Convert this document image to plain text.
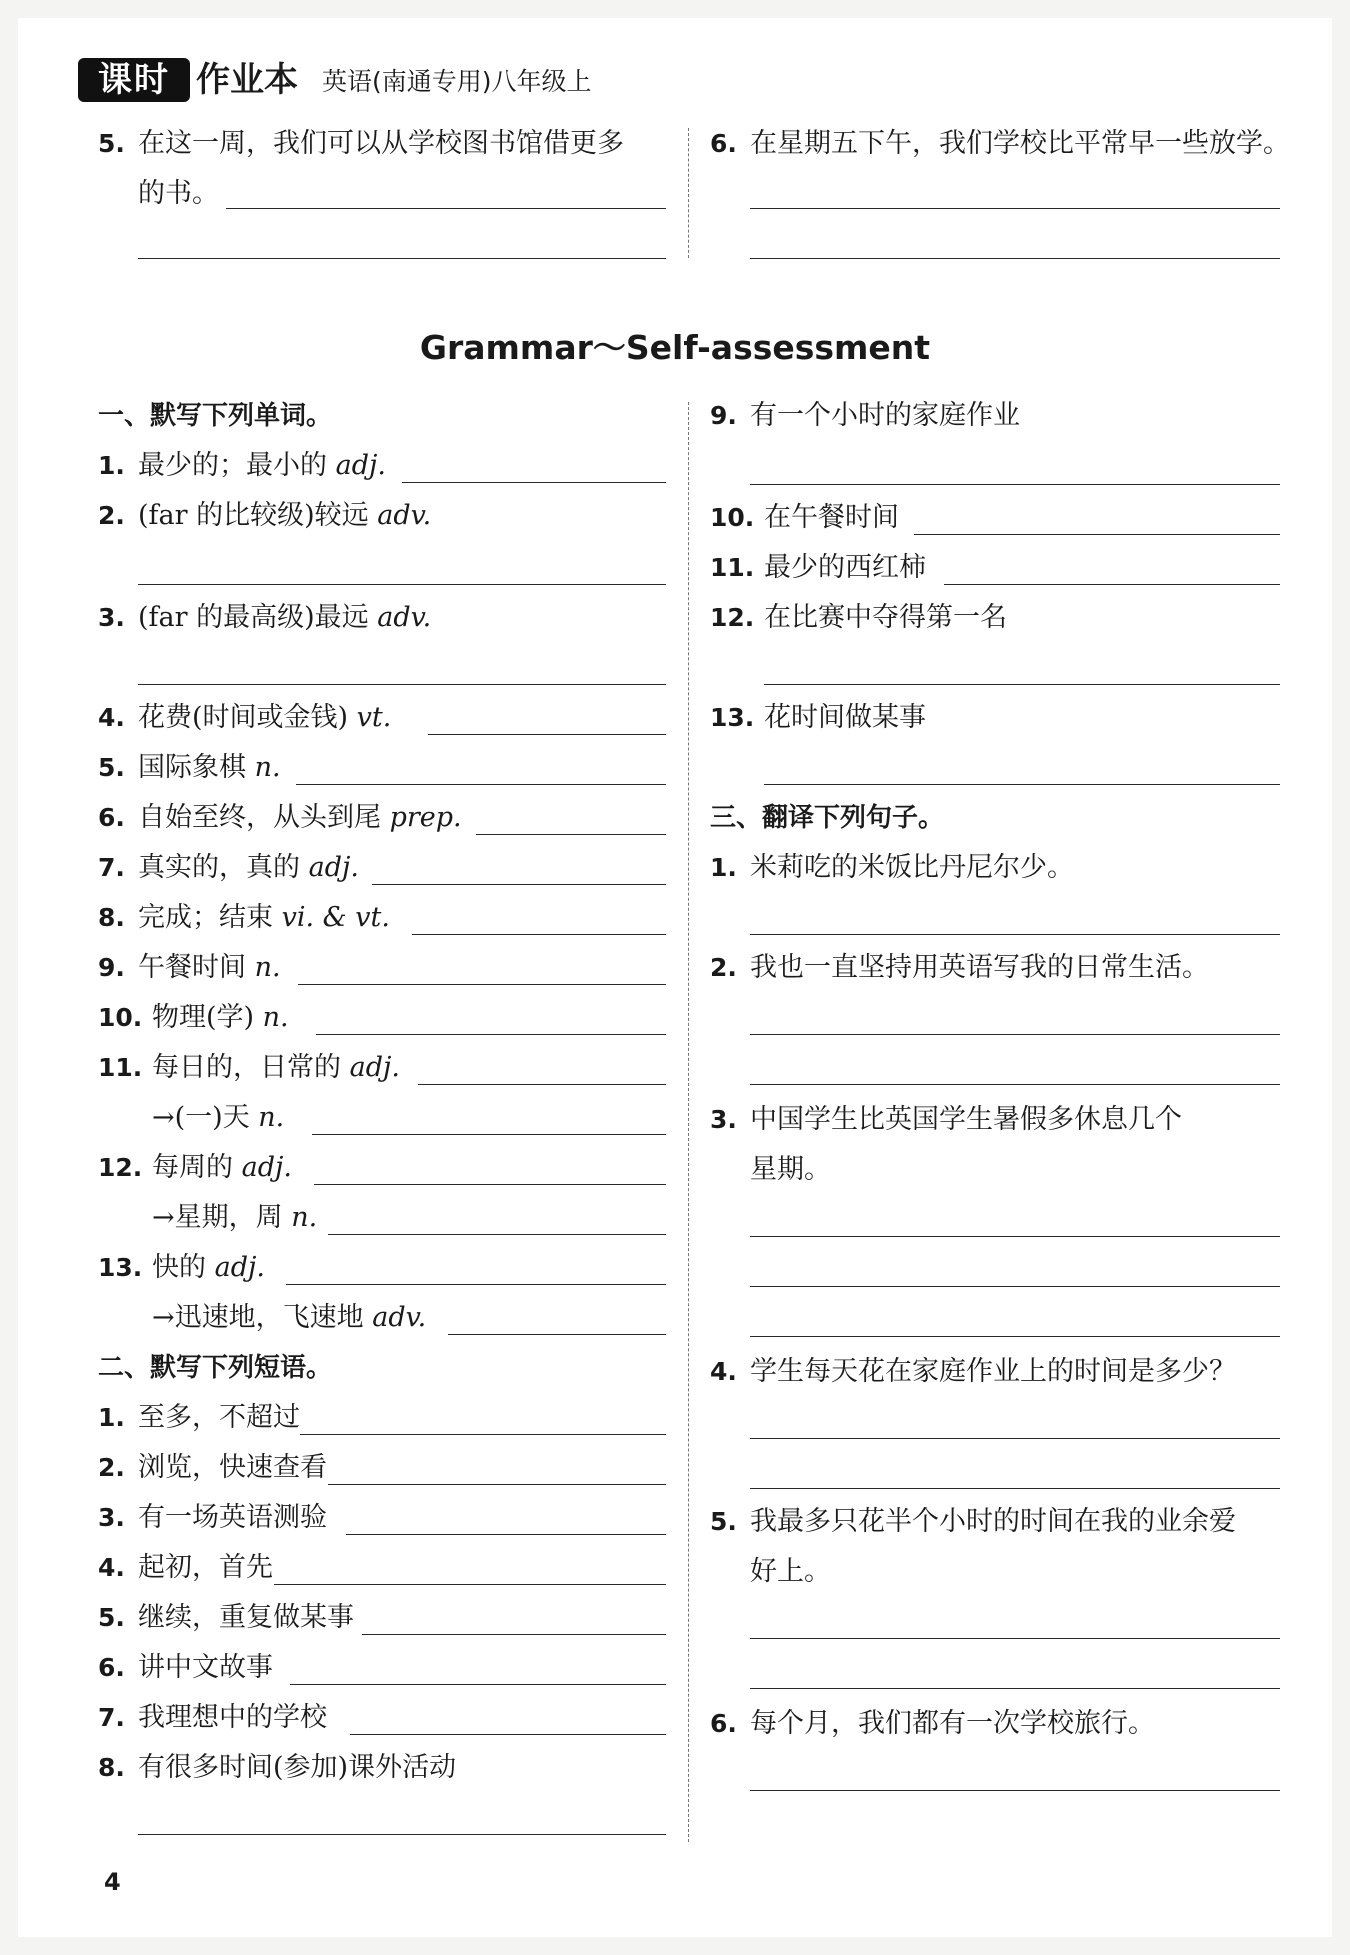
课时 作业本 英语(南通专用)八年级上
5. 在这一周，我们可以从学校图书馆借更多
的书。
6. 在星期五下午，我们学校比平常早一些放学。
Grammar～Self-assessment
一、默写下列单词。
1. 最少的；最小的 adj.
2. (far 的比较级)较远 adv.
3. (far 的最高级)最远 adv.
4. 花费(时间或金钱) vt.
5. 国际象棋 n.
6. 自始至终，从头到尾 prep.
7. 真实的，真的 adj.
8. 完成；结束 vi. & vt.
9. 午餐时间 n.
10. 物理(学) n.
11. 每日的，日常的 adj.
→(一)天 n.
12. 每周的 adj.
→星期，周 n.
13. 快的 adj.
→迅速地，飞速地 adv.
二、默写下列短语。
1. 至多，不超过
2. 浏览，快速查看
3. 有一场英语测验
4. 起初，首先
5. 继续，重复做某事
6. 讲中文故事
7. 我理想中的学校
8. 有很多时间(参加)课外活动
9. 有一个小时的家庭作业
10. 在午餐时间
11. 最少的西红柿
12. 在比赛中夺得第一名
13. 花时间做某事
三、翻译下列句子。
1. 米莉吃的米饭比丹尼尔少。
2. 我也一直坚持用英语写我的日常生活。
3. 中国学生比英国学生暑假多休息几个
星期。
4. 学生每天花在家庭作业上的时间是多少？
5. 我最多只花半个小时的时间在我的业余爱
好上。
6. 每个月，我们都有一次学校旅行。
4
